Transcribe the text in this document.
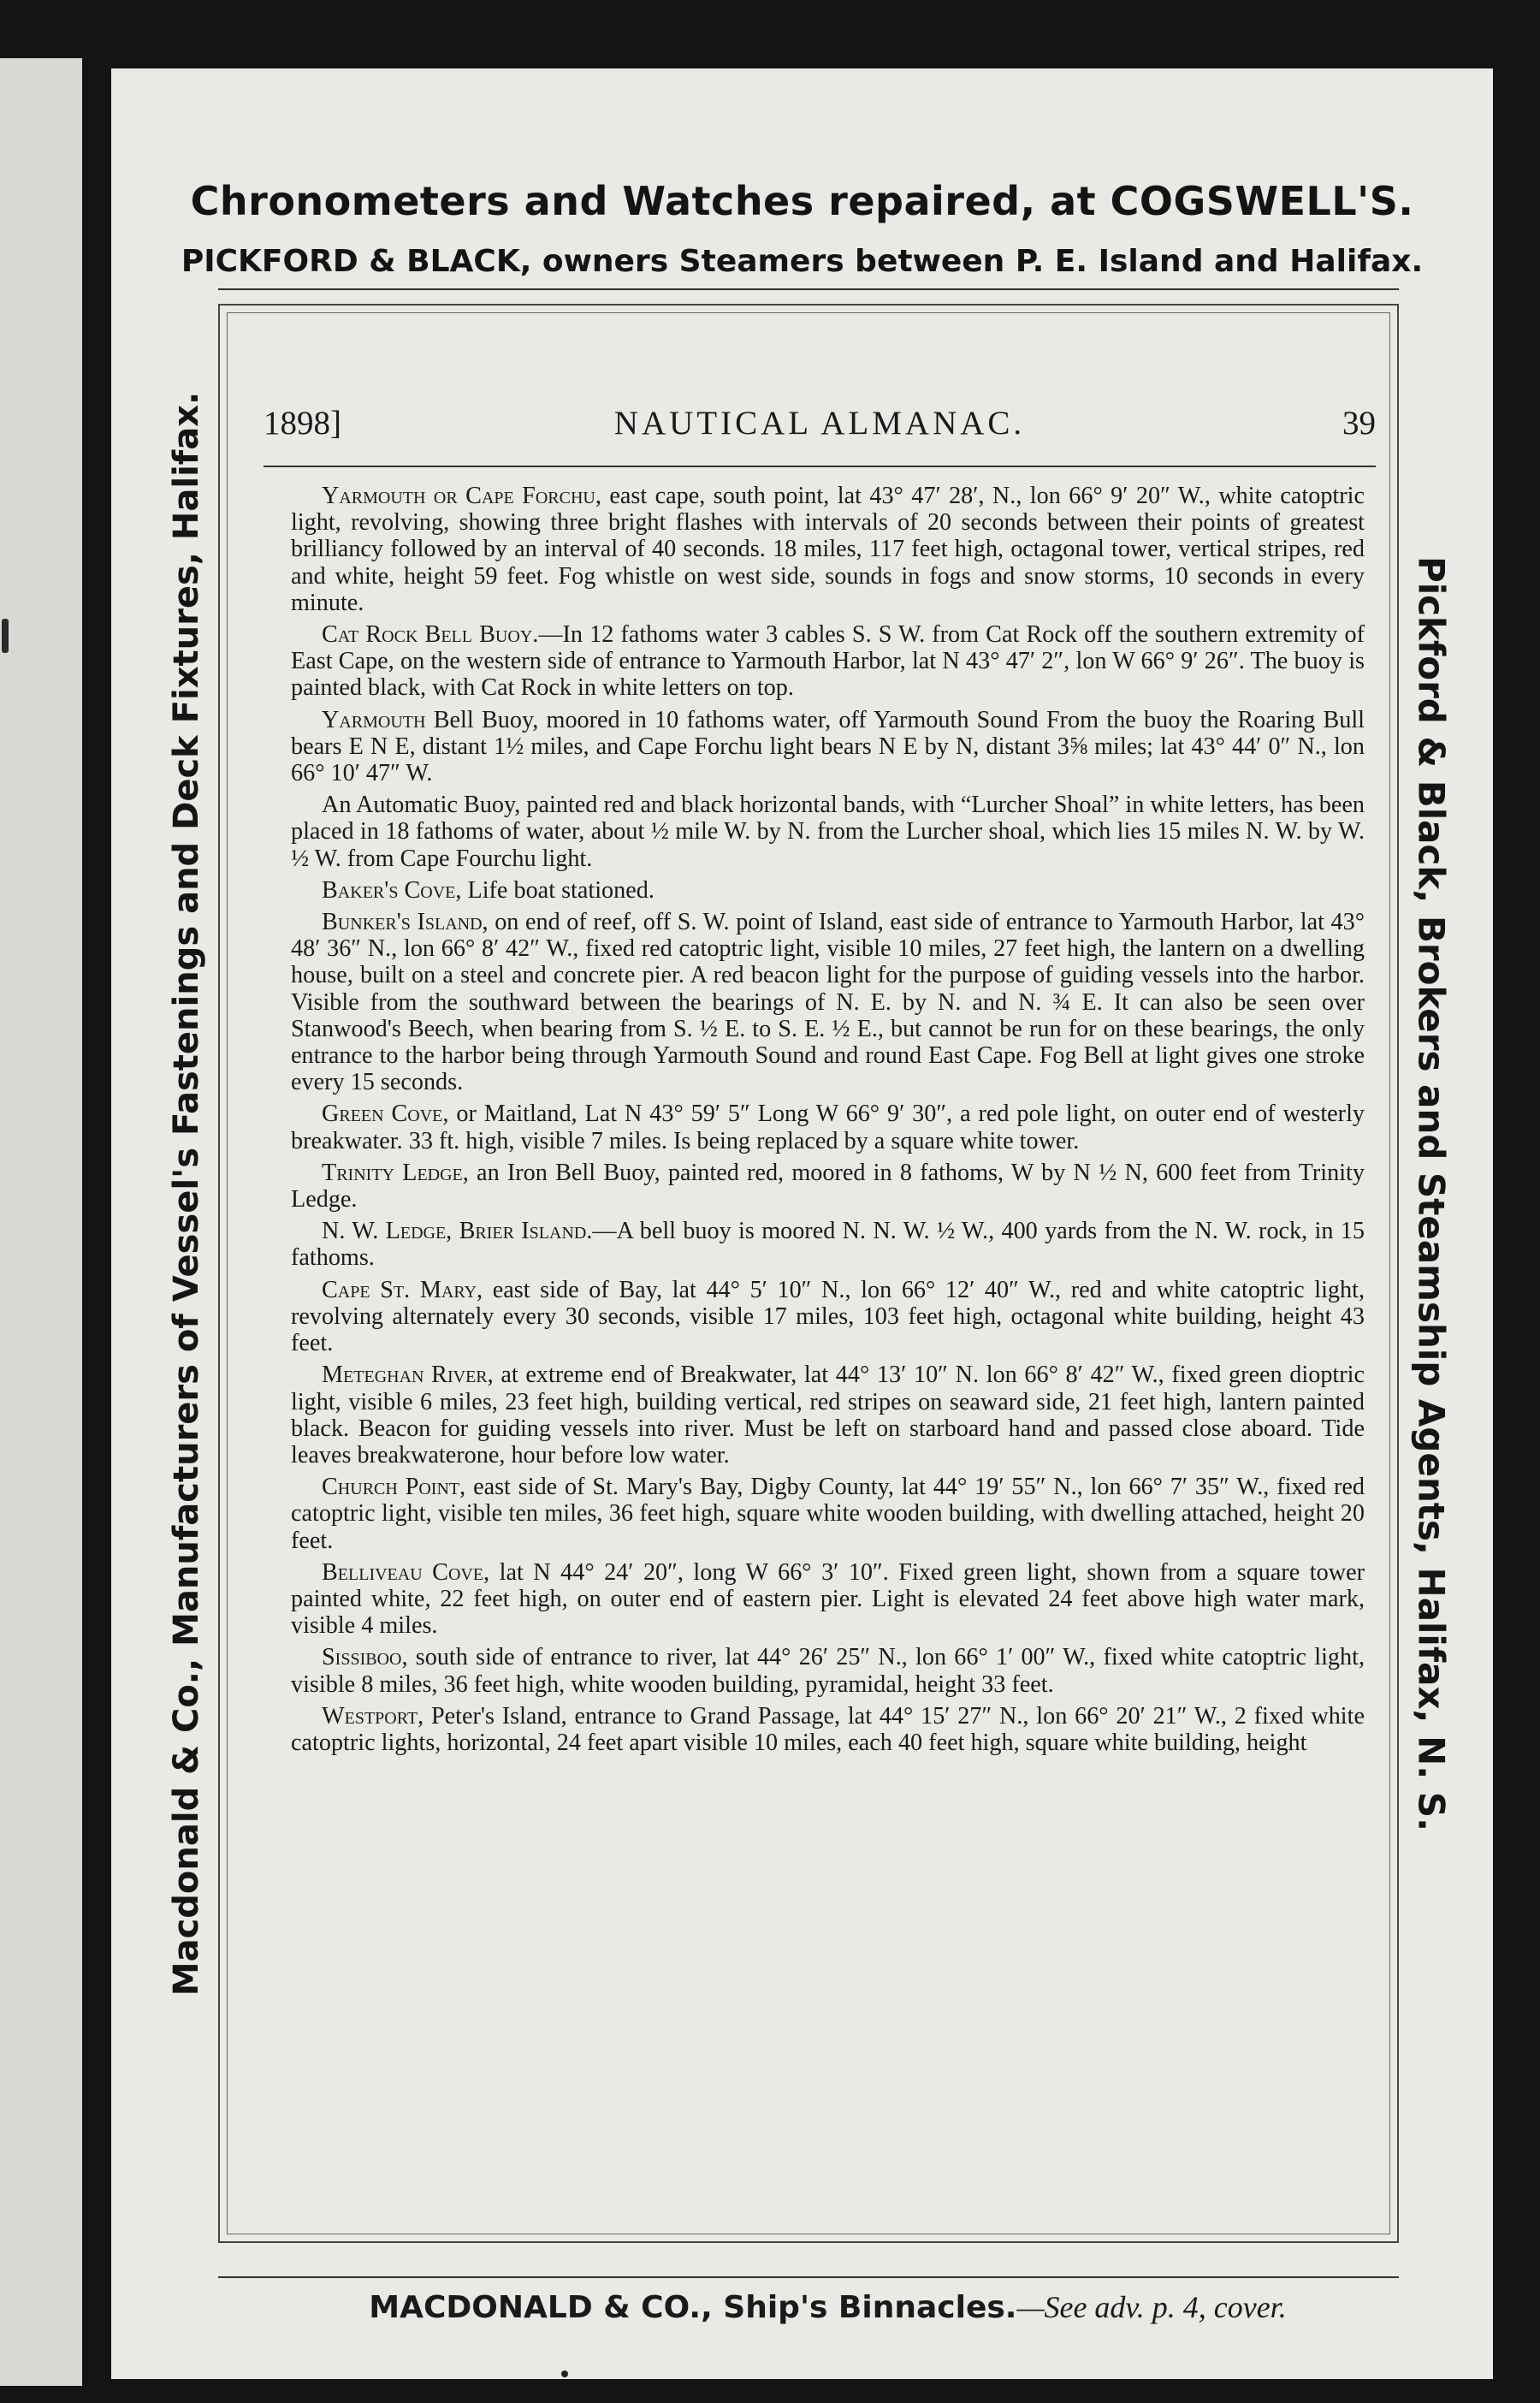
Chronometers and Watches repaired, at COGSWELL'S.
PICKFORD & BLACK, owners Steamers between P. E. Island and Halifax.
Macdonald & Co., Manufacturers of Vessel's Fastenings and Deck Fixtures, Halifax.	Pickford & Black, Brokers and Steamship Agents, Halifax, N. S.
1898]	NAUTICAL ALMANAC.	39

Yarmouth or Cape Forchu, east cape, south point, lat 43° 47′ 28′, N., lon 66° 9′ 20″ W., white catoptric light, revolving, showing three bright flashes with intervals of 20 seconds between their points of greatest brilliancy followed by an interval of 40 seconds. 18 miles, 117 feet high, octagonal tower, vertical stripes, red and white, height 59 feet. Fog whistle on west side, sounds in fogs and snow storms, 10 seconds in every minute.

Cat Rock Bell Buoy.—In 12 fathoms water 3 cables S. S W. from Cat Rock off the southern extremity of East Cape, on the western side of entrance to Yarmouth Harbor, lat N 43° 47′ 2″, lon W 66° 9′ 26″. The buoy is painted black, with Cat Rock in white letters on top.

Yarmouth Bell Buoy, moored in 10 fathoms water, off Yarmouth Sound From the buoy the Roaring Bull bears E N E, distant 1½ miles, and Cape Forchu light bears N E by N, distant 3⅝ miles; lat 43° 44′ 0″ N., lon 66° 10′ 47″ W.

An Automatic Buoy, painted red and black horizontal bands, with “Lurcher Shoal” in white letters, has been placed in 18 fathoms of water, about ½ mile W. by N. from the Lurcher shoal, which lies 15 miles N. W. by W. ½ W. from Cape Fourchu light.

Baker's Cove, Life boat stationed.

Bunker's Island, on end of reef, off S. W. point of Island, east side of entrance to Yarmouth Harbor, lat 43° 48′ 36″ N., lon 66° 8′ 42″ W., fixed red catoptric light, visible 10 miles, 27 feet high, the lantern on a dwelling house, built on a steel and concrete pier. A red beacon light for the purpose of guiding vessels into the harbor. Visible from the southward between the bearings of N. E. by N. and N. ¾ E. It can also be seen over Stanwood's Beech, when bearing from S. ½ E. to S. E. ½ E., but cannot be run for on these bearings, the only entrance to the harbor being through Yarmouth Sound and round East Cape. Fog Bell at light gives one stroke every 15 seconds.

Green Cove, or Maitland, Lat N 43° 59′ 5″ Long W 66° 9′ 30″, a red pole light, on outer end of westerly breakwater. 33 ft. high, visible 7 miles. Is being replaced by a square white tower.

Trinity Ledge, an Iron Bell Buoy, painted red, moored in 8 fathoms, W by N ½ N, 600 feet from Trinity Ledge.

N. W. Ledge, Brier Island.—A bell buoy is moored N. N. W. ½ W., 400 yards from the N. W. rock, in 15 fathoms.

Cape St. Mary, east side of Bay, lat 44° 5′ 10″ N., lon 66° 12′ 40″ W., red and white catoptric light, revolving alternately every 30 seconds, visible 17 miles, 103 feet high, octagonal white building, height 43 feet.

Meteghan River, at extreme end of Breakwater, lat 44° 13′ 10″ N. lon 66° 8′ 42″ W., fixed green dioptric light, visible 6 miles, 23 feet high, building vertical, red stripes on seaward side, 21 feet high, lantern painted black. Beacon for guiding vessels into river. Must be left on starboard hand and passed close aboard. Tide leaves breakwaterone, hour before low water.

Church Point, east side of St. Mary's Bay, Digby County, lat 44° 19′ 55″ N., lon 66° 7′ 35″ W., fixed red catoptric light, visible ten miles, 36 feet high, square white wooden building, with dwelling attached, height 20 feet.

Belliveau Cove, lat N 44° 24′ 20″, long W 66° 3′ 10″. Fixed green light, shown from a square tower painted white, 22 feet high, on outer end of eastern pier. Light is elevated 24 feet above high water mark, visible 4 miles.

Sissiboo, south side of entrance to river, lat 44° 26′ 25″ N., lon 66° 1′ 00″ W., fixed white catoptric light, visible 8 miles, 36 feet high, white wooden building, pyramidal, height 33 feet.

Westport, Peter's Island, entrance to Grand Passage, lat 44° 15′ 27″ N., lon 66° 20′ 21″ W., 2 fixed white catoptric lights, horizontal, 24 feet apart visible 10 miles, each 40 feet high, square white building, height

MACDONALD & CO., Ship's Binnacles.—See adv. p. 4, cover.
